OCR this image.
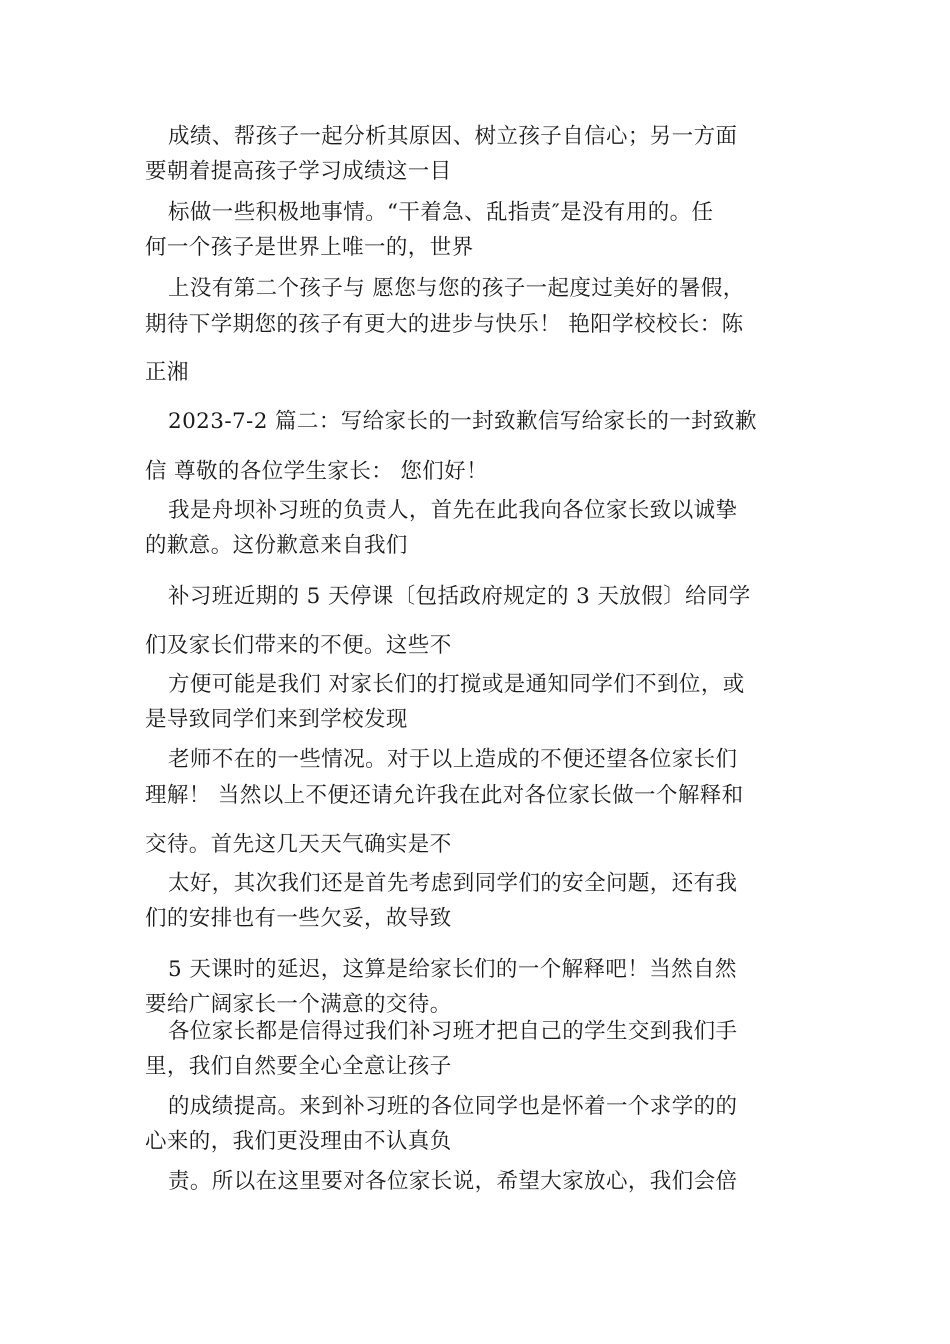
成绩、帮孩子一起分析其原因、树立孩子自信心；另一方面
要朝着提高孩子学习成绩这一目
标做一些积极地事情。“干着急、乱指责″是没有用的。任
何一个孩子是世界上唯一的，世界
上没有第二个孩子与 愿您与您的孩子一起度过美好的暑假，
期待下学期您的孩子有更大的进步与快乐！ 艳阳学校校长：陈
正湘
2023-7-2 篇二：写给家长的一封致歉信写给家长的一封致歉
信 尊敬的各位学生家长： 您们好！
我是舟坝补习班的负责人，首先在此我向各位家长致以诚挚
的歉意。这份歉意来自我们
补习班近期的 5 天停课〔包括政府规定的 3 天放假〕给同学
们及家长们带来的不便。这些不
方便可能是我们 对家长们的打搅或是通知同学们不到位，或
是导致同学们来到学校发现
老师不在的一些情况。对于以上造成的不便还望各位家长们
理解！ 当然以上不便还请允许我在此对各位家长做一个解释和
交待。首先这几天天气确实是不
太好，其次我们还是首先考虑到同学们的安全问题，还有我
们的安排也有一些欠妥，故导致
5 天课时的延迟，这算是给家长们的一个解释吧！当然自然
要给广阔家长一个满意的交待。
各位家长都是信得过我们补习班才把自己的学生交到我们手
里，我们自然要全心全意让孩子
的成绩提高。来到补习班的各位同学也是怀着一个求学的的
心来的，我们更没理由不认真负
责。所以在这里要对各位家长说，希望大家放心，我们会倍
